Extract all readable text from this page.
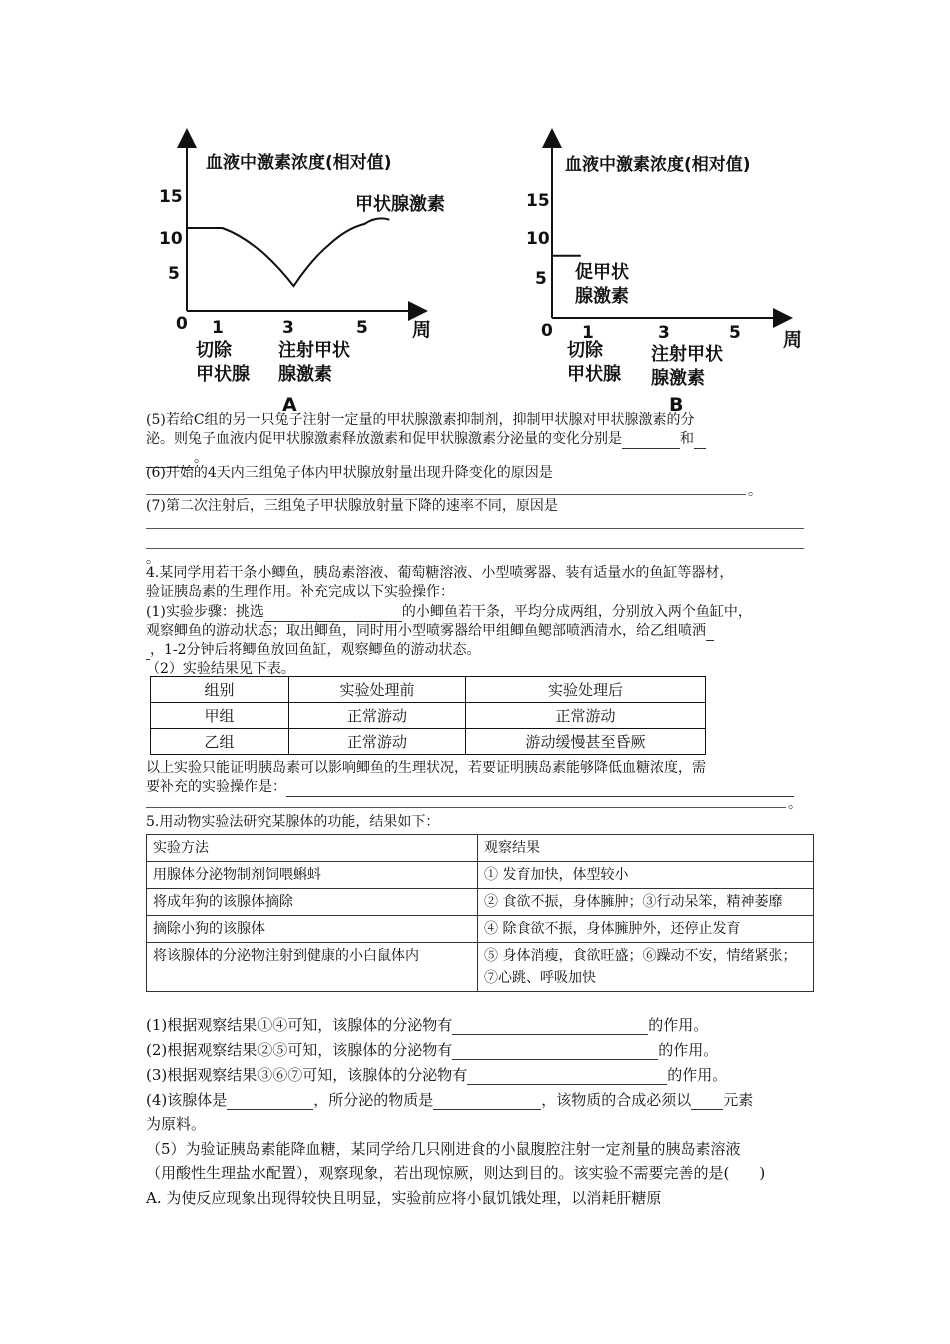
血液中激素浓度(相对值)
15
10
5
0 1	3	5 周
甲状腺激素
切除
甲状腺
注射甲状
腺激素
A
血液中激素浓度(相对值)
15
10
5
0 1	3	5 周
促甲状
腺激素
切除
甲状腺
注射甲状
腺激素
B
(5)若给C组的另一只兔子注射一定量的甲状腺激素抑制剂，抑制甲状腺对甲状腺激素的分
泌。则兔子血液内促甲状腺激素释放激素和促甲状腺激素分泌量的变化分别是	和
。
(6)开始的4天内三组兔子体内甲状腺放射量出现升降变化的原因是
。
(7)第二次注射后，三组兔子甲状腺放射量下降的速率不同，原因是
。
4.某同学用若干条小鲫鱼，胰岛素溶液、葡萄糖溶液、小型喷雾器、装有适量水的鱼缸等器材，
验证胰岛素的生理作用。补充完成以下实验操作：
(1)实验步骤：挑选	的小鲫鱼若干条，平均分成两组，分别放入两个鱼缸中，
观察鲫鱼的游动状态；取出鲫鱼，同时用小型喷雾器给甲组鲫鱼鳃部喷洒清水，给乙组喷洒
，1-2分钟后将鲫鱼放回鱼缸，观察鲫鱼的游动状态。
（2）实验结果见下表。
组别	实验处理前	实验处理后
甲组	正常游动	正常游动
乙组	正常游动	游动缓慢甚至昏厥
以上实验只能证明胰岛素可以影响鲫鱼的生理状况，若要证明胰岛素能够降低血糖浓度，需
要补充的实验操作是：
。
5.用动物实验法研究某腺体的功能，结果如下：
实验方法	观察结果
用腺体分泌物制剂饲喂蝌蚪	① 发育加快，体型较小
将成年狗的该腺体摘除	② 食欲不振，身体臃肿；③行动呆笨，精神萎靡
摘除小狗的该腺体	④ 除食欲不振，身体臃肿外，还停止发育
将该腺体的分泌物注射到健康的小白鼠体内	⑤ 身体消瘦，食欲旺盛；⑥躁动不安，情绪紧张；⑦心跳、呼吸加快
(1)根据观察结果①④可知，该腺体的分泌物有	的作用。
(2)根据观察结果②⑤可知，该腺体的分泌物有	的作用。
(3)根据观察结果③⑥⑦可知，该腺体的分泌物有	的作用。
(4)该腺体是	，所分泌的物质是	，该物质的合成必须以 元素
为原料。
（5）为验证胰岛素能降血糖，某同学给几只刚进食的小鼠腹腔注射一定剂量的胰岛素溶液
（用酸性生理盐水配置），观察现象，若出现惊厥，则达到目的。该实验不需要完善的是(　　)
A. 为使反应现象出现得较快且明显，实验前应将小鼠饥饿处理，以消耗肝糖原
